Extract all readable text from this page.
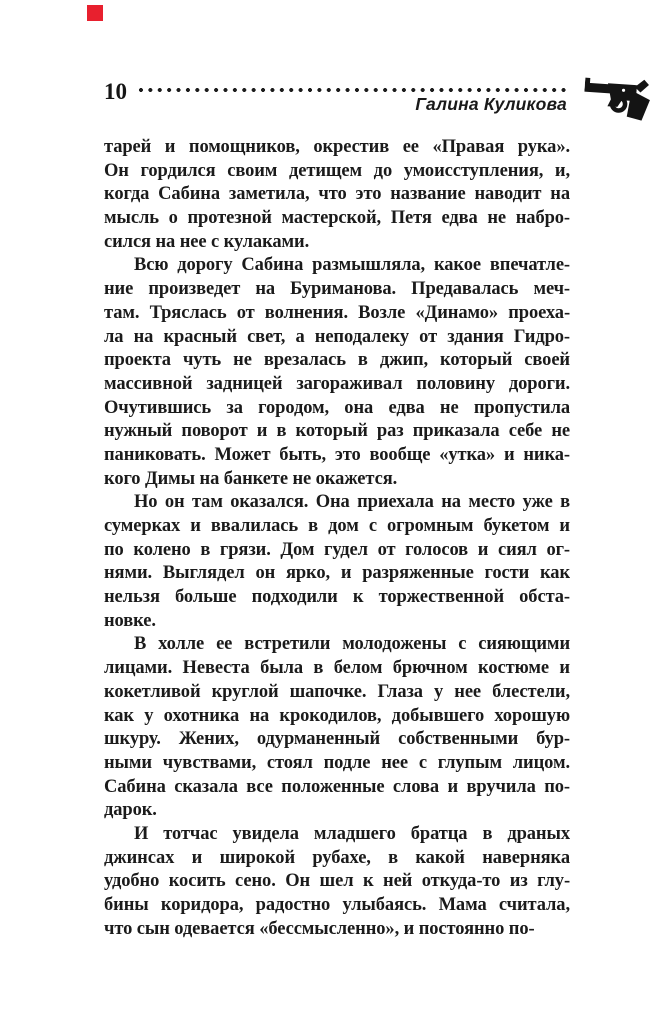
10	Галина Куликова
тарей и помощников, окрестив ее «Правая рука».
Он гордился своим детищем до умоисступления, и,
когда Сабина заметила, что это название наводит на
мысль о протезной мастерской, Петя едва не набро-
сился на нее с кулаками.
Всю дорогу Сабина размышляла, какое впечатле-
ние произведет на Буриманова. Предавалась меч-
там. Тряслась от волнения. Возле «Динамо» проеха-
ла на красный свет, а неподалеку от здания Гидро-
проекта чуть не врезалась в джип, который своей
массивной задницей загораживал половину дороги.
Очутившись за городом, она едва не пропустила
нужный поворот и в который раз приказала себе не
паниковать. Может быть, это вообще «утка» и ника-
кого Димы на банкете не окажется.
Но он там оказался. Она приехала на место уже в
сумерках и ввалилась в дом с огромным букетом и
по колено в грязи. Дом гудел от голосов и сиял ог-
нями. Выглядел он ярко, и разряженные гости как
нельзя больше подходили к торжественной обста-
новке.
В холле ее встретили молодожены с сияющими
лицами. Невеста была в белом брючном костюме и
кокетливой круглой шапочке. Глаза у нее блестели,
как у охотника на крокодилов, добывшего хорошую
шкуру. Жених, одурманенный собственными бур-
ными чувствами, стоял подле нее с глупым лицом.
Сабина сказала все положенные слова и вручила по-
дарок.
И тотчас увидела младшего братца в драных
джинсах и широкой рубахе, в какой наверняка
удобно косить сено. Он шел к ней откуда-то из глу-
бины коридора, радостно улыбаясь. Мама считала,
что сын одевается «бессмысленно», и постоянно по-
